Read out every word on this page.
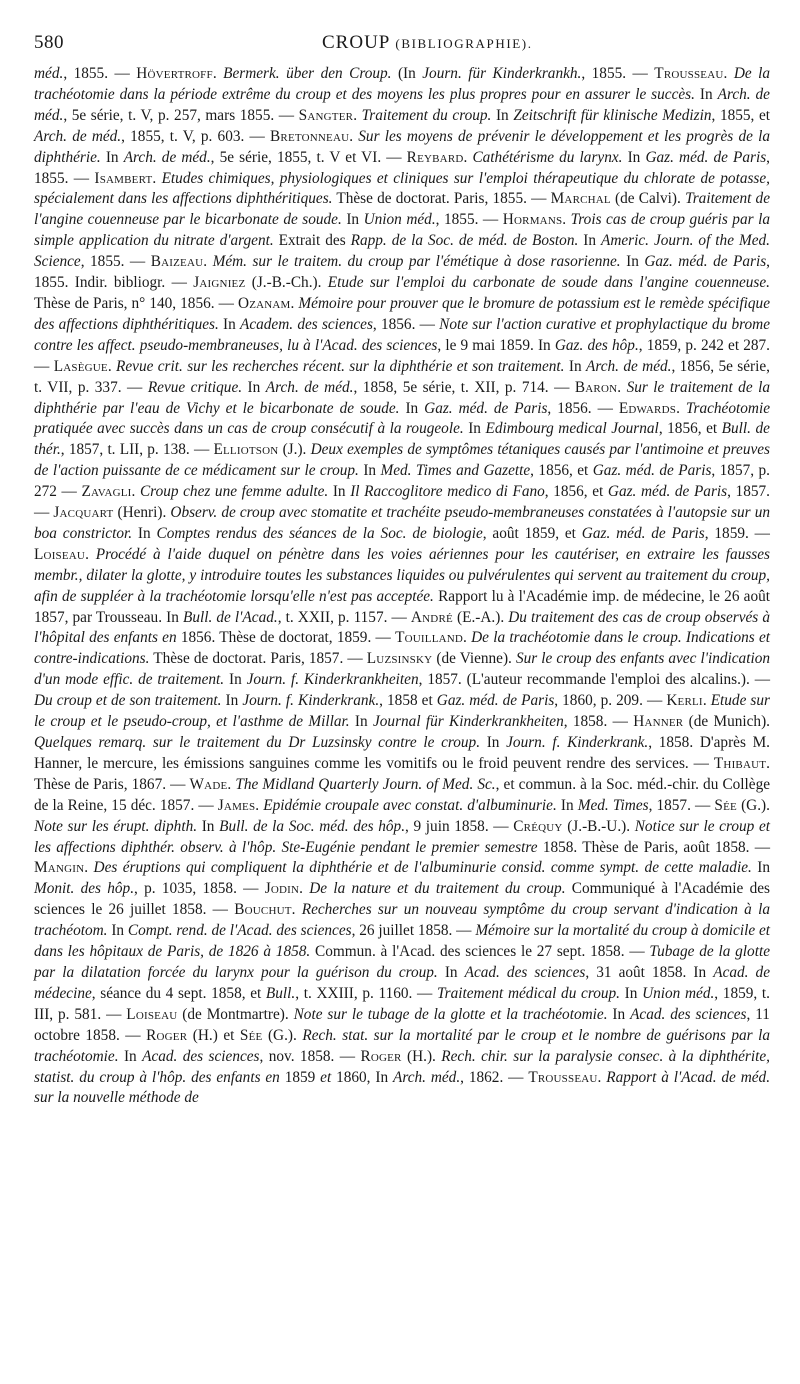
580	CROUP (BIBLIOGRAPHIE).

méd., 1855. — Hövertroff. Bermerk. über den Croup. (In Journ. für Kinderkrankh., 1855. — Trousseau. De la trachéotomie dans la période extrême du croup et des moyens les plus propres pour en assurer le succès. In Arch. de méd., 5e série, t. V, p. 257, mars 1855. — Sangter. Traitement du croup. In Zeitschrift für klinische Medizin, 1855, et Arch. de méd., 1855, t. V, p. 603. — Bretonneau. Sur les moyens de prévenir le développement et les progrès de la diphthérie. In Arch. de méd., 5e série, 1855, t. V et VI. — Reybard. Cathétérisme du larynx. In Gaz. méd. de Paris, 1855. — Isambert. Etudes chimiques, physiologiques et cliniques sur l'emploi thérapeutique du chlorate de potasse, spécialement dans les affections diphthéritiques. Thèse de doctorat. Paris, 1855. — Marchal (de Calvi). Traitement de l'angine couenneuse par le bicarbonate de soude. In Union méd., 1855. — Hormans. Trois cas de croup guéris par la simple application du nitrate d'argent. Extrait des Rapp. de la Soc. de méd. de Boston. In Americ. Journ. of the Med. Science, 1855. — Baizeau. Mém. sur le traitem. du croup par l'émétique à dose rasorienne. In Gaz. méd. de Paris, 1855. Indir. bibliogr. — Jaigniez (J.-B.-Ch.). Etude sur l'emploi du carbonate de soude dans l'angine couenneuse. Thèse de Paris, n° 140, 1856. — Ozanam. Mémoire pour prouver que le bromure de potassium est le remède spécifique des affections diphthéritiques. In Academ. des sciences, 1856. — Note sur l'action curative et prophylactique du brome contre les affect. pseudo-membraneuses, lu à l'Acad. des sciences, le 9 mai 1859. In Gaz. des hôp., 1859, p. 242 et 287. — Lasègue. Revue crit. sur les recherches récent. sur la diphthérie et son traitement. In Arch. de méd., 1856, 5e série, t. VII, p. 337. — Revue critique. In Arch. de méd., 1858, 5e série, t. XII, p. 714. — Baron. Sur le traitement de la diphthérie par l'eau de Vichy et le bicarbonate de soude. In Gaz. méd. de Paris, 1856. — Edwards. Trachéotomie pratiquée avec succès dans un cas de croup consécutif à la rougeole. In Edimbourg medical Journal, 1856, et Bull. de thér., 1857, t. LII, p. 138. — Elliotson (J.). Deux exemples de symptômes tétaniques causés par l'antimoine et preuves de l'action puissante de ce médicament sur le croup. In Med. Times and Gazette, 1856, et Gaz. méd. de Paris, 1857, p. 272 — Zavagli. Croup chez une femme adulte. In Il Raccoglitore medico di Fano, 1856, et Gaz. méd. de Paris, 1857. — Jacquart (Henri). Observ. de croup avec stomatite et trachéite pseudo-membraneuses constatées à l'autopsie sur un boa constrictor. In Comptes rendus des séances de la Soc. de biologie, août 1859, et Gaz. méd. de Paris, 1859. — Loiseau. Procédé à l'aide duquel on pénètre dans les voies aériennes pour les cautériser, en extraire les fausses membr., dilater la glotte, y introduire toutes les substances liquides ou pulvérulentes qui servent au traitement du croup, afin de suppléer à la trachéotomie lorsqu'elle n'est pas acceptée. Rapport lu à l'Académie imp. de médecine, le 26 août 1857, par Trousseau. In Bull. de l'Acad., t. XXII, p. 1157. — André (E.-A.). Du traitement des cas de croup observés à l'hôpital des enfants en 1856. Thèse de doctorat, 1859. — Touilland. De la trachéotomie dans le croup. Indications et contre-indications. Thèse de doctorat. Paris, 1857. — Luzsinsky (de Vienne). Sur le croup des enfants avec l'indication d'un mode effic. de traitement. In Journ. f. Kinderkrankheiten, 1857. (L'auteur recommande l'emploi des alcalins.). — Du croup et de son traitement. In Journ. f. Kinderkrank., 1858 et Gaz. méd. de Paris, 1860, p. 209. — Kerli. Etude sur le croup et le pseudo-croup, et l'asthme de Millar. In Journal für Kinderkrankheiten, 1858. — Hanner (de Munich). Quelques remarq. sur le traitement du Dr Luzsinsky contre le croup. In Journ. f. Kinderkrank., 1858. D'après M. Hanner, le mercure, les émissions sanguines comme les vomitifs ou le froid peuvent rendre des services. — Thibaut. Thèse de Paris, 1867. — Wade. The Midland Quarterly Journ. of Med. Sc., et commun. à la Soc. méd.-chir. du Collège de la Reine, 15 déc. 1857. — James. Epidémie croupale avec constat. d'albuminurie. In Med. Times, 1857. — Sée (G.). Note sur les érupt. diphth. In Bull. de la Soc. méd. des hôp., 9 juin 1858. — Créquy (J.-B.-U.). Notice sur le croup et les affections diphthér. observ. à l'hôp. Ste-Eugénie pendant le premier semestre 1858. Thèse de Paris, août 1858. — Mangin. Des éruptions qui compliquent la diphthérie et de l'albuminurie consid. comme sympt. de cette maladie. In Monit. des hôp., p. 1035, 1858. — Jodin. De la nature et du traitement du croup. Communiqué à l'Académie des sciences le 26 juillet 1858. — Bouchut. Recherches sur un nouveau symptôme du croup servant d'indication à la trachéotom. In Compt. rend. de l'Acad. des sciences, 26 juillet 1858. — Mémoire sur la mortalité du croup à domicile et dans les hôpitaux de Paris, de 1826 à 1858. Commun. à l'Acad. des sciences le 27 sept. 1858. — Tubage de la glotte par la dilatation forcée du larynx pour la guérison du croup. In Acad. des sciences, 31 août 1858. In Acad. de médecine, séance du 4 sept. 1858, et Bull., t. XXIII, p. 1160. — Traitement médical du croup. In Union méd., 1859, t. III, p. 581. — Loiseau (de Montmartre). Note sur le tubage de la glotte et la trachéotomie. In Acad. des sciences, 11 octobre 1858. — Roger (H.) et Sée (G.). Rech. stat. sur la mortalité par le croup et le nombre de guérisons par la trachéotomie. In Acad. des sciences, nov. 1858. — Roger (H.). Rech. chir. sur la paralysie consec. à la diphthérite, statist. du croup à l'hôp. des enfants en 1859 et 1860, In Arch. méd., 1862. — Trousseau. Rapport à l'Acad. de méd. sur la nouvelle méthode de
